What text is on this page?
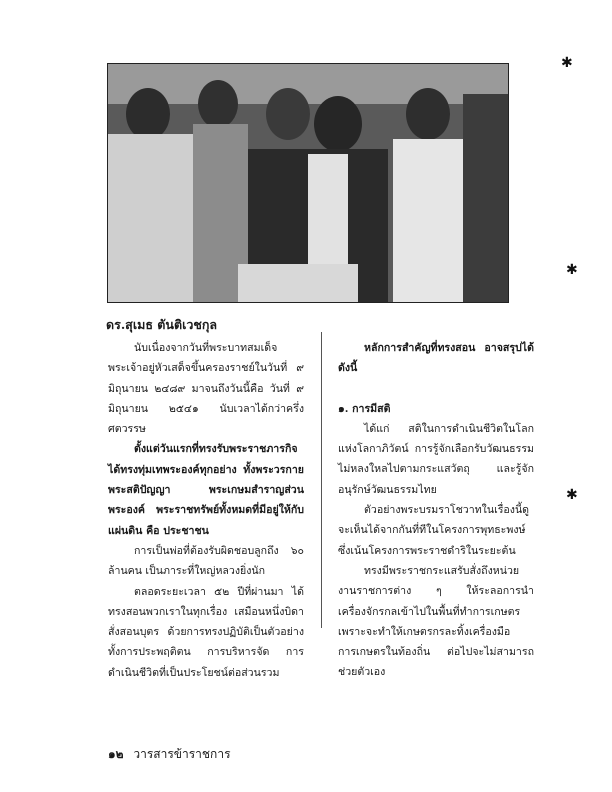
ดร.สุเมธ ตันติเวชกุล

นับเนื่องจากวันที่พระบาทสมเด็จพระเจ้าอยู่หัวเสด็จขึ้นครองราชย์ในวันที่ ๙ มิถุนายน ๒๔๘๙ มาจนถึงวันนี้คือ วันที่ ๙ มิถุนายน ๒๕๔๑ นับเวลาได้กว่าครึ่งศตวรรษ

ตั้งแต่วันแรกที่ทรงรับพระราชภารกิจ ได้ทรงทุ่มเทพระองค์ทุกอย่าง ทั้งพระวรกาย พระสติปัญญา พระเกษมสำราญส่วนพระองค์ พระราชทรัพย์ทั้งหมดที่มีอยู่ให้กับแผ่นดิน คือ ประชาชน

การเป็นพ่อที่ต้องรับผิดชอบลูกถึง ๖๐ ล้านคน เป็นภาระที่ใหญ่หลวงยิ่งนัก

ตลอดระยะเวลา ๕๒ ปีที่ผ่านมา ได้ทรงสอนพวกเราในทุกเรื่อง เสมือนหนึ่งบิดาสั่งสอนบุตร ด้วยการทรงปฏิบัติเป็นตัวอย่าง ทั้งการประพฤติตน การบริหารจัด การดำเนินชีวิตที่เป็นประโยชน์ต่อส่วนรวม

หลักการสำคัญที่ทรงสอน อาจสรุปได้ดังนี้

๑. การมีสติ

ได้แก่ สติในการดำเนินชีวิตในโลกแห่งโลกาภิวัตน์ การรู้จักเลือกรับวัฒนธรรม ไม่หลงใหลไปตามกระแสวัตถุ และรู้จักอนุรักษ์วัฒนธรรมไทย

ตัวอย่างพระบรมราโชวาทในเรื่องนี้ดูจะเห็นได้จากกันที่ทีในโครงการพุทธะพงษ์ซึ่งเน้นโครงการพระราชดำริในระยะต้น

ทรงมีพระราชกระแสรับสั่งถึงหน่วยงานราชการต่าง ๆ ให้ระลอการนำเครื่องจักรกลเข้าไปในพื้นที่ทำการเกษตร เพราะจะทำให้เกษตรกรละทิ้งเครื่องมือการเกษตรในท้องถิ่น ต่อไปจะไม่สามารถช่วยตัวเอง

๑๒ วารสารข้าราชการ
✱
✱
✱
